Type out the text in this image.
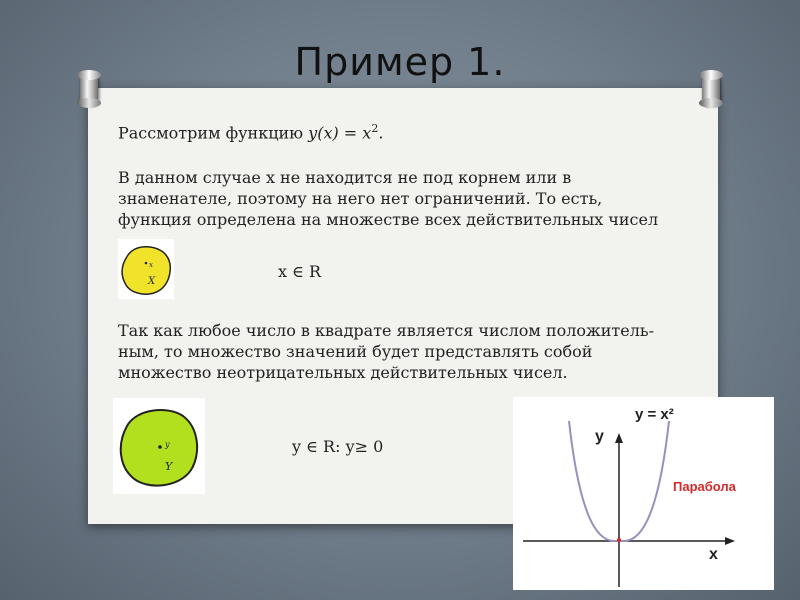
Пример 1.
Рассмотрим функцию $y(x) = x^2$.
В данном случае х не находится не под корнем или в
знаменателе, поэтому на него нет ограничений. То есть,
функция определена на множестве всех действительных чисел
x
X
x ∈ R
Так как любое число в квадрате является числом положитель-
ным, то множество значений будет представлять собой
множество неотрицательных действительных чисел.
y
Y
y ∈ R: y≥ 0
y = x²
y
x
Парабола
